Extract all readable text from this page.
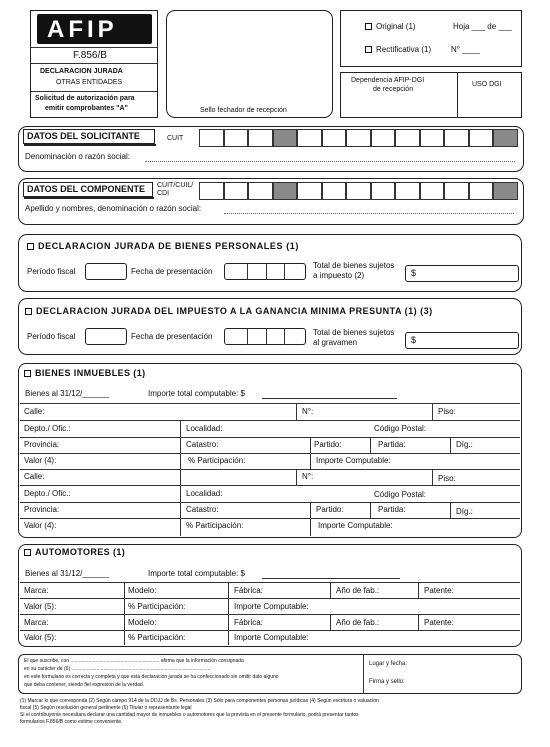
AFIP
F.856/B
DECLARACION JURADA
OTRAS ENTIDADES
Solicitud de autorización para
emitir comprobantes "A"	Sello fechador de recepción
Original (1)	Hoja ___ de ___
Rectificativa (1) N° ____
Dependencia AFIP-DGI
de recepción
USO DGI
DATOS DEL SOLICITANTE	CUIT
Denominación o razón social:
DATOS DEL COMPONENTE CUIT/CUIL/
CDI
Apellido y nombres, denominación o razón social:
DECLARACION JURADA DE BIENES PERSONALES (1)
Período fiscal	Fecha de presentación
Total de bienes sujetos
a impuesto (2)	$
DECLARACION JURADA DEL IMPUESTO A LA GANANCIA MINIMA PRESUNTA (1) (3)
Período fiscal	Fecha de presentación	Total de bienes sujetos
al gravamen	$
BIENES INMUEBLES (1)
Bienes al 31/12/______	Importe total computable: $
Calle:	N°:	Piso:
Depto./ Ofic.:	Localidad:	Código Postal:
Provincia:	Catastro:	Partido:	Partida:	Díg.:
Valor (4):	% Participación:	Importe Computable:
Calle:	N°:	Piso:
Depto./ Ofic.:	Localidad:	Código Postal:
Provincia:	Catastro:	Partido:	Partida:	Díg.:
Valor (4):	% Participación:	Importe Computable:
AUTOMOTORES (1)
Bienes al 31/12/______	Importe total computable: $
Marca:	Modelo:	Fábrica:	Año de fab.:	Patente:
Valor (5):	% Participación:	Importe Computable:
Marca:	Modelo:	Fábrica:	Año de fab.:	Patente:
Valor (5):	% Participación:	Importe Computable:
El que suscribe, con ................................................................ afirma que la información consignada
en su carácter de (6) ....................................................................................................
en este formulario es correcta y completa y que esta declaración jurada se ha confeccionado sin omitir dato alguno
que deba contener, siendo fiel expresión de la verdad.
Lugar y fecha:
Firma y sello:
(1) Marcar lo que corresponda (2) Según campo 914 de la DDJJ de Bs. Personales (3) Sólo para componentes personas jurídicas (4) Según escritura o valuación
fiscal (5) Según resolución general pertinente (6) Titular o representante legal
Si el contribuyente necesitara declarar una cantidad mayor de inmuebles o automotores que la prevista en el presente formulario, podrá presentar tantos
formularios F.856/B como estime conveniente.
